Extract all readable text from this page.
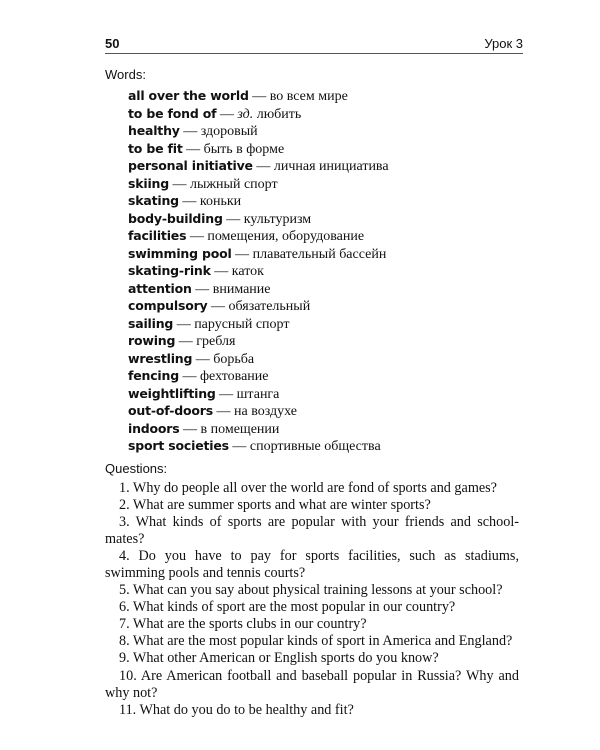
50	Урок 3
Words:
all over the world — во всем мире
to be fond of — зд. любить
healthy — здоровый
to be fit — быть в форме
personal initiative — личная инициатива
skiing — лыжный спорт
skating — коньки
body-building — культуризм
facilities — помещения, оборудование
swimming pool — плавательный бассейн
skating-rink — каток
attention — внимание
compulsory — обязательный
sailing — парусный спорт
rowing — гребля
wrestling — борьба
fencing — фехтование
weightlifting — штанга
out-of-doors — на воздухе
indoors — в помещении
sport societies — спортивные общества
Questions:

1. Why do people all over the world are fond of sports and games?

2. What are summer sports and what are winter sports?

3. What kinds of sports are popular with your friends and school-mates?

4. Do you have to pay for sports facilities, such as stadiums, swimming pools and tennis courts?

5. What can you say about physical training lessons at your school?

6. What kinds of sport are the most popular in our country?

7. What are the sports clubs in our country?

8. What are the most popular kinds of sport in America and England?

9. What other American or English sports do you know?

10. Are American football and baseball popular in Russia? Why and why not?

11. What do you do to be healthy and fit?
